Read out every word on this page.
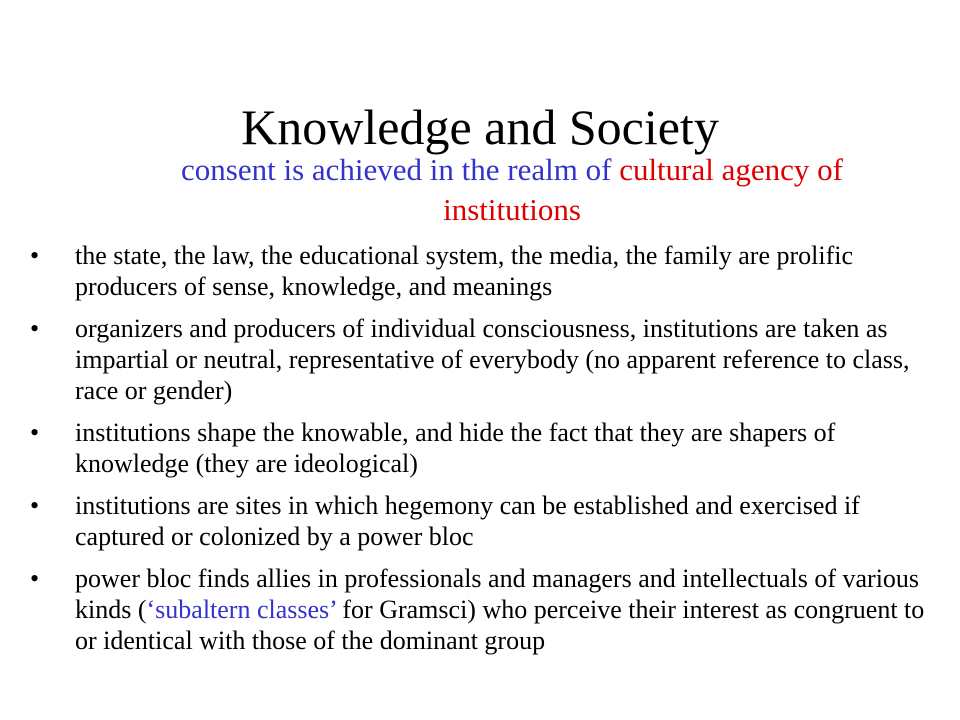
Knowledge and Society

consent is achieved in the realm of cultural agency of institutions

•	the state, the law, the educational system, the media, the family are prolific producers of sense, knowledge, and meanings
•	organizers and producers of individual consciousness, institutions are taken as impartial or neutral, representative of everybody (no apparent reference to class, race or gender)
•	institutions shape the knowable, and hide the fact that they are shapers of knowledge (they are ideological)
•	institutions are sites in which hegemony can be established and exercised if captured or colonized by a power bloc
•	power bloc finds allies in professionals and managers and intellectuals of various kinds (‘subaltern classes’ for Gramsci) who perceive their interest as congruent to or identical with those of the dominant group
